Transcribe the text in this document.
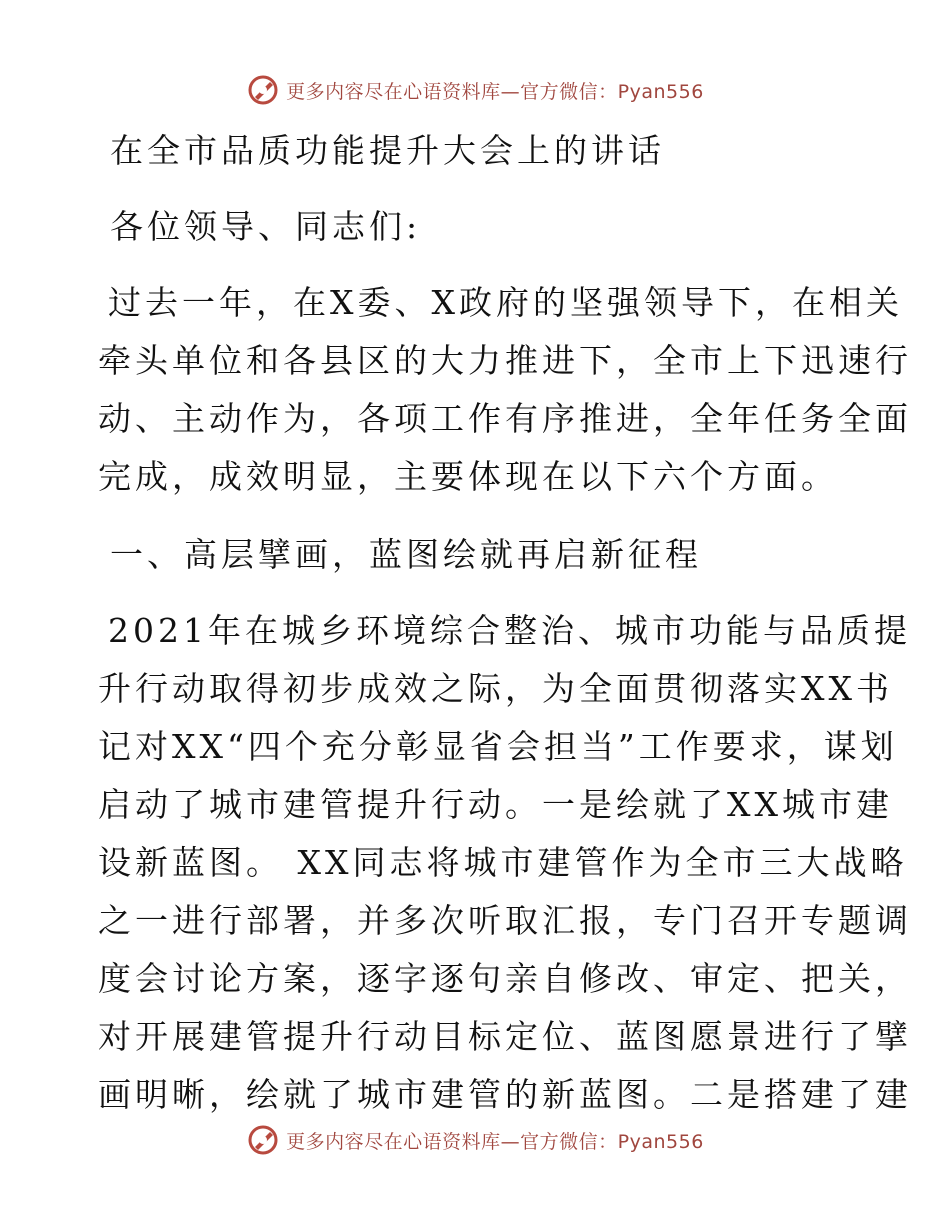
更多内容尽在心语资料库—官方微信：Pyan556
在全市品质功能提升大会上的讲话
各位领导、同志们:
过去一年，在X委、X政府的坚强领导下，在相关
牵头单位和各县区的大力推进下，全市上下迅速行
动、主动作为，各项工作有序推进，全年任务全面
完成，成效明显，主要体现在以下六个方面。
一、高层擘画，蓝图绘就再启新征程
2021年在城乡环境综合整治、城市功能与品质提
升行动取得初步成效之际，为全面贯彻落实XX书
记对XX“四个充分彰显省会担当”工作要求，谋划
启动了城市建管提升行动。一是绘就了XX城市建
设新蓝图。 XX同志将城市建管作为全市三大战略
之一进行部署，并多次听取汇报，专门召开专题调
度会讨论方案，逐字逐句亲自修改、审定、把关，
对开展建管提升行动目标定位、蓝图愿景进行了擘
画明晰，绘就了城市建管的新蓝图。二是搭建了建
更多内容尽在心语资料库—官方微信：Pyan556
